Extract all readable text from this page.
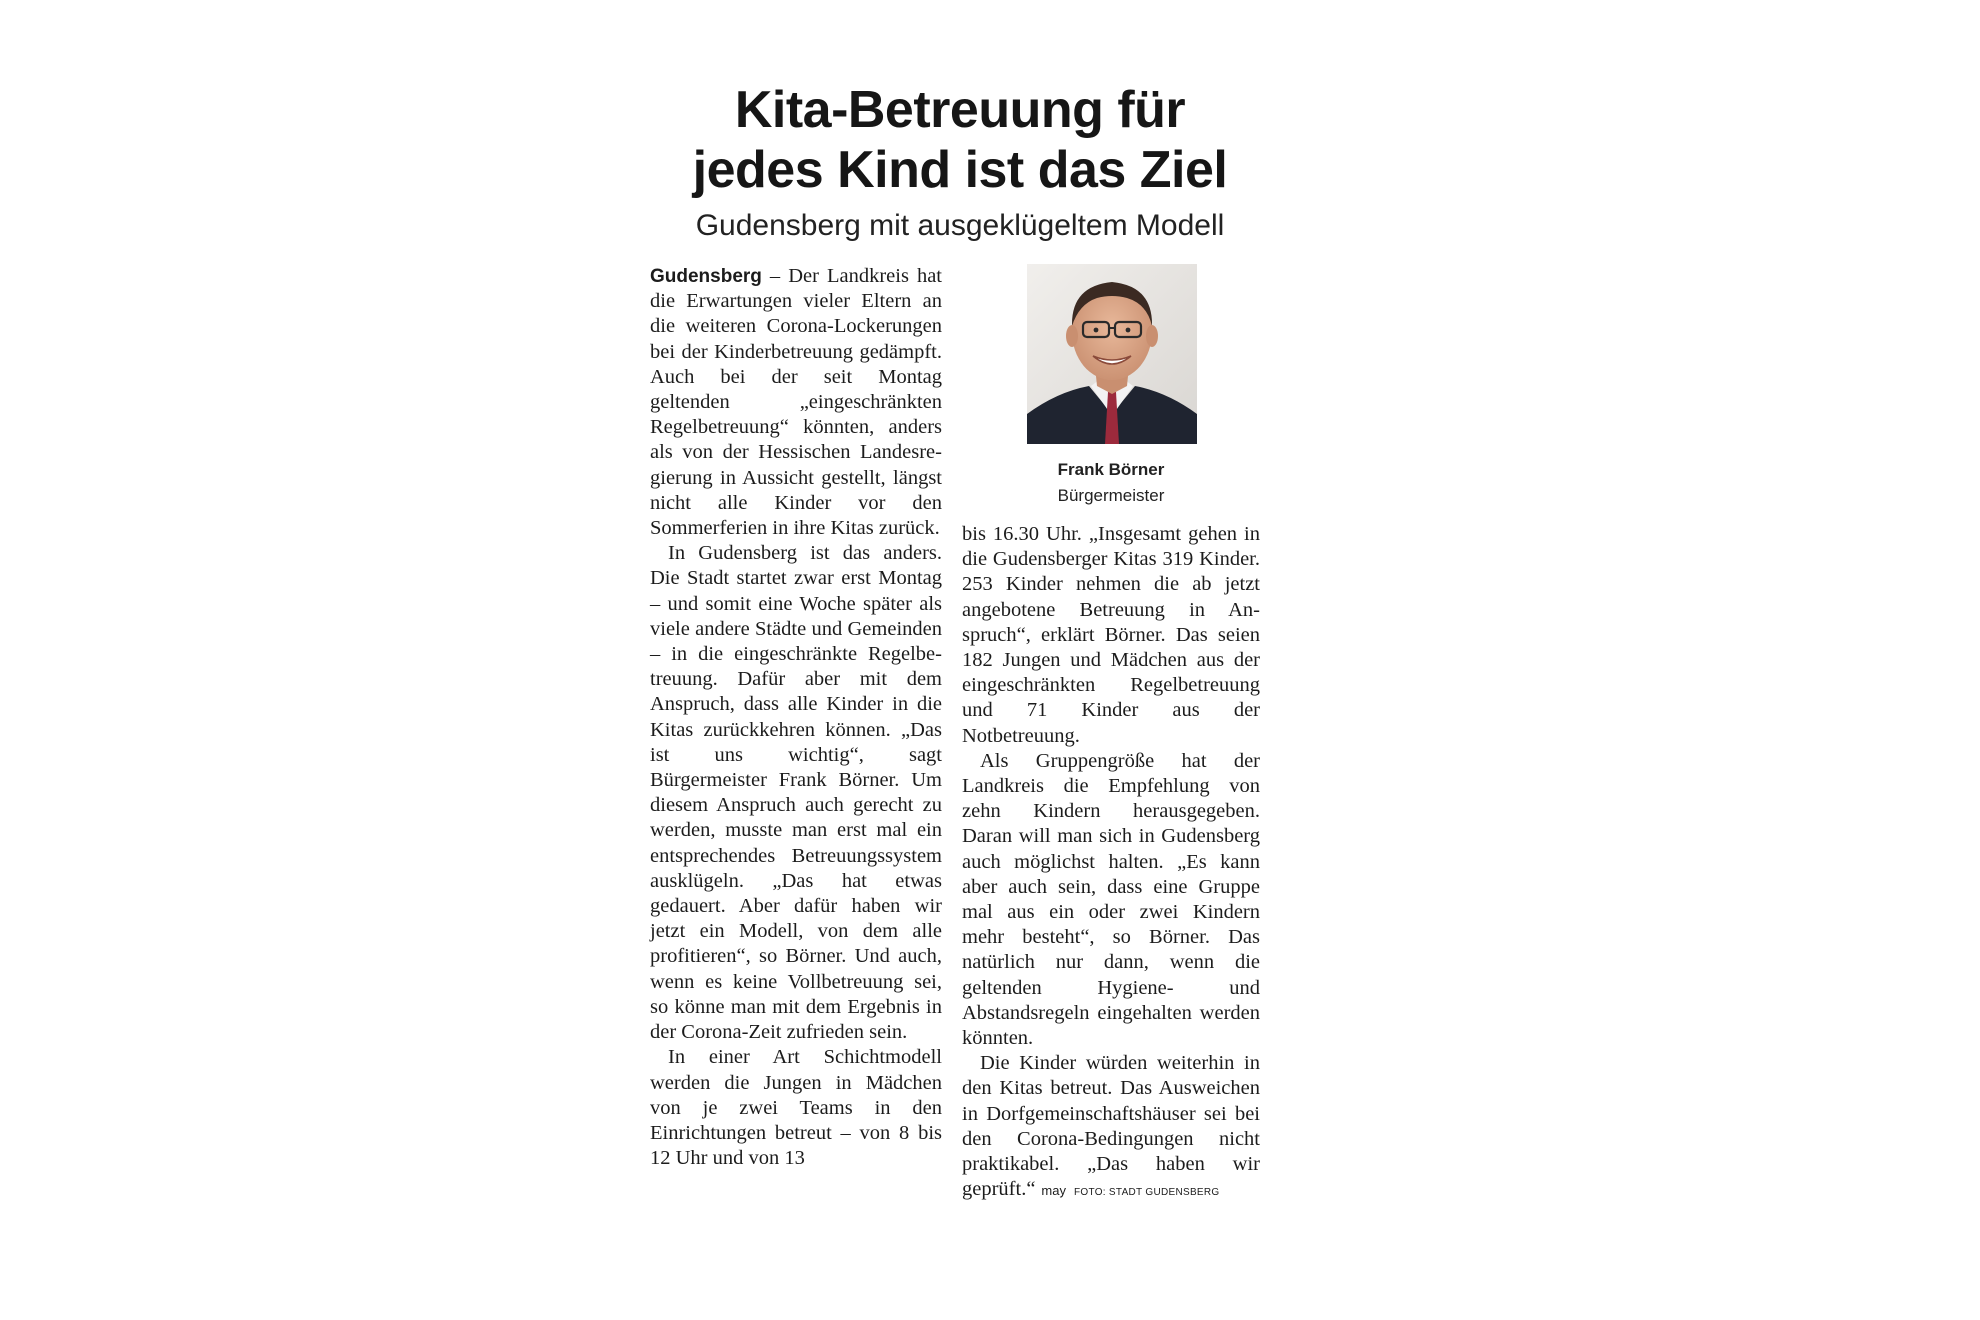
Kita-Betreuung für
jedes Kind ist das Ziel

Gudensberg mit ausgeklügeltem Modell

Gudensberg – Der Landkreis hat die Erwartungen vieler Eltern an die weiteren Corona-Lockerungen bei der Kinderbetreuung gedämpft. Auch bei der seit Montag geltenden „eingeschränkten Regelbetreuung“ könnten, anders als von der Hessischen Landesregierung in Aussicht gestellt, längst nicht alle Kinder vor den Sommerferien in ihre Kitas zurück.

In Gudensberg ist das anders. Die Stadt startet zwar erst Montag – und somit eine Woche später als viele andere Städte und Gemeinden – in die eingeschränkte Regelbetreuung. Dafür aber mit dem Anspruch, dass alle Kinder in die Kitas zurückkehren können. „Das ist uns wichtig“, sagt Bürgermeister Frank Börner. Um diesem Anspruch auch gerecht zu werden, musste man erst mal ein entsprechendes Betreuungssystem ausklügeln. „Das hat etwas gedauert. Aber dafür haben wir jetzt ein Modell, von dem alle profitieren“, so Börner. Und auch, wenn es keine Vollbetreuung sei, so könne man mit dem Ergebnis in der Corona-Zeit zufrieden sein.

In einer Art Schichtmodell werden die Jungen in Mädchen von je zwei Teams in den Einrichtungen betreut – von 8 bis 12 Uhr und von 13

Frank Börner
Bürgermeister

bis 16.30 Uhr. „Insgesamt gehen in die Gudensberger Kitas 319 Kinder. 253 Kinder nehmen die ab jetzt angebotene Betreuung in Anspruch“, erklärt Börner. Das seien 182 Jungen und Mädchen aus der eingeschränkten Regelbetreuung und 71 Kinder aus der Notbetreuung.

Als Gruppengröße hat der Landkreis die Empfehlung von zehn Kindern herausgegeben. Daran will man sich in Gudensberg auch möglichst halten. „Es kann aber auch sein, dass eine Gruppe mal aus ein oder zwei Kindern mehr besteht“, so Börner. Das natürlich nur dann, wenn die geltenden Hygiene- und Abstandsregeln eingehalten werden könnten.

Die Kinder würden weiterhin in den Kitas betreut. Das Ausweichen in Dorfgemeinschaftshäuser sei bei den Corona-Bedingungen nicht praktikabel. „Das haben wir geprüft.“ may FOTO: STADT GUDENSBERG
